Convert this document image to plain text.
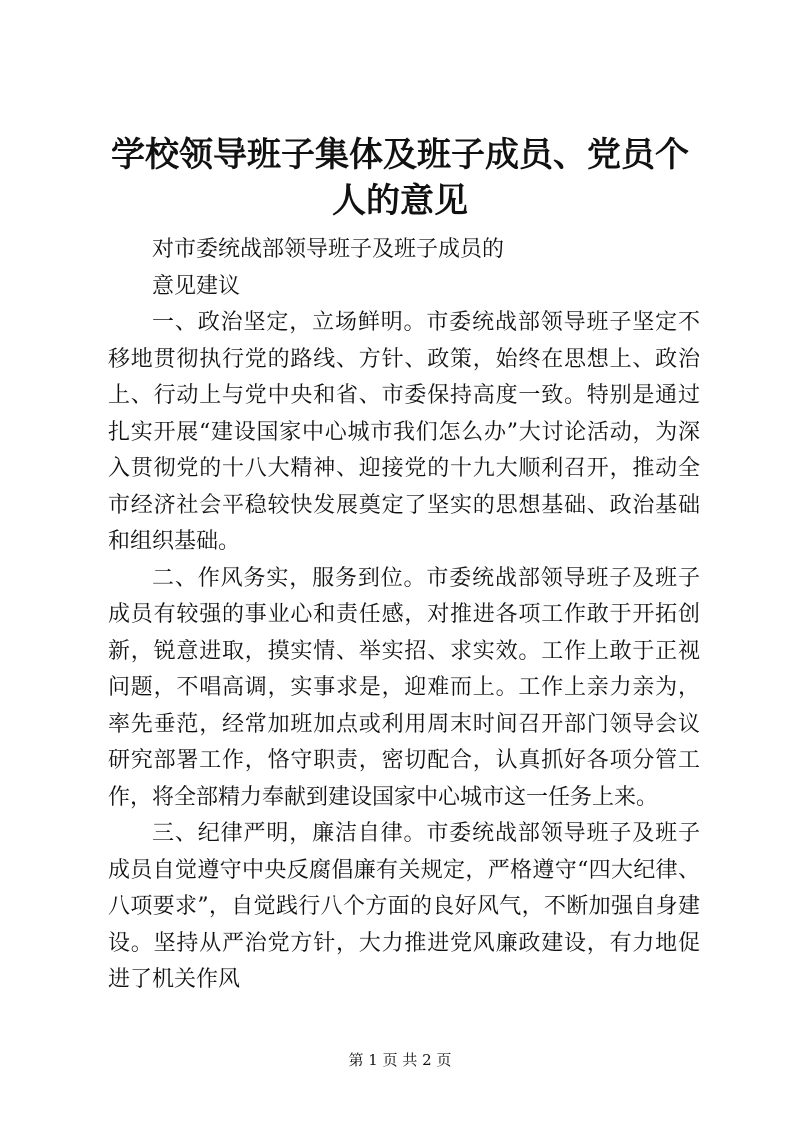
学校领导班子集体及班子成员、党员个人的意见

对市委统战部领导班子及班子成员的

意见建议

一、政治坚定，立场鲜明。市委统战部领导班子坚定不移地贯彻执行党的路线、方针、政策，始终在思想上、政治上、行动上与党中央和省、市委保持高度一致。特别是通过扎实开展“建设国家中心城市我们怎么办”大讨论活动，为深入贯彻党的十八大精神、迎接党的十九大顺利召开，推动全市经济社会平稳较快发展奠定了坚实的思想基础、政治基础和组织基础。

二、作风务实，服务到位。市委统战部领导班子及班子成员有较强的事业心和责任感，对推进各项工作敢于开拓创新，锐意进取，摸实情、举实招、求实效。工作上敢于正视问题，不唱高调，实事求是，迎难而上。工作上亲力亲为，率先垂范，经常加班加点或利用周末时间召开部门领导会议研究部署工作，恪守职责，密切配合，认真抓好各项分管工作，将全部精力奉献到建设国家中心城市这一任务上来。

三、纪律严明，廉洁自律。市委统战部领导班子及班子成员自觉遵守中央反腐倡廉有关规定，严格遵守“四大纪律、八项要求”，自觉践行八个方面的良好风气，不断加强自身建设。坚持从严治党方针，大力推进党风廉政建设，有力地促进了机关作风

第 1 页 共 2 页
